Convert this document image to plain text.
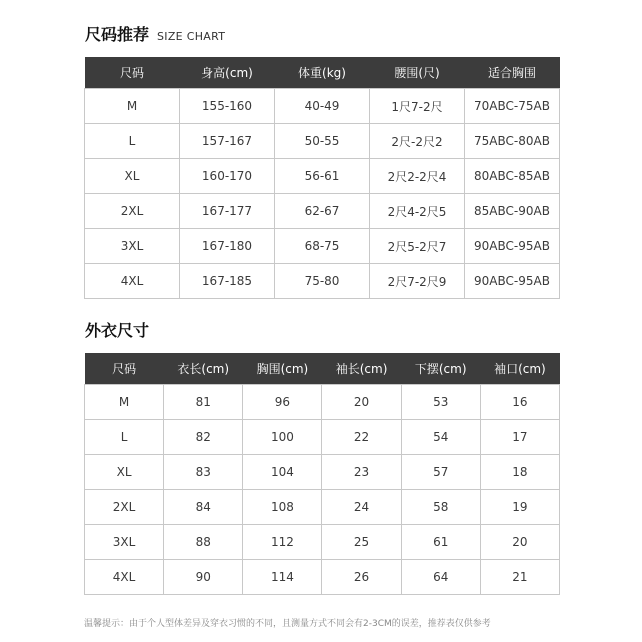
尺码推荐 SIZE CHART
尺码	身高(cm)	体重(kg)	腰围(尺)	适合胸围
M	155-160	40-49	1尺7-2尺	70ABC-75AB
L	157-167	50-55	2尺-2尺2	75ABC-80AB
XL	160-170	56-61	2尺2-2尺4	80ABC-85AB
2XL	167-177	62-67	2尺4-2尺5	85ABC-90AB
3XL	167-180	68-75	2尺5-2尺7	90ABC-95AB
4XL	167-185	75-80	2尺7-2尺9	90ABC-95AB
外衣尺寸
尺码	衣长(cm)	胸围(cm)	袖长(cm)	下摆(cm)	袖口(cm)
M	81	96	20	53	16
L	82	100	22	54	17
XL	83	104	23	57	18
2XL	84	108	24	58	19
3XL	88	112	25	61	20
4XL	90	114	26	64	21
温馨提示：由于个人型体差异及穿衣习惯的不同，且测量方式不同会有2-3CM的误差，推荐表仅供参考
